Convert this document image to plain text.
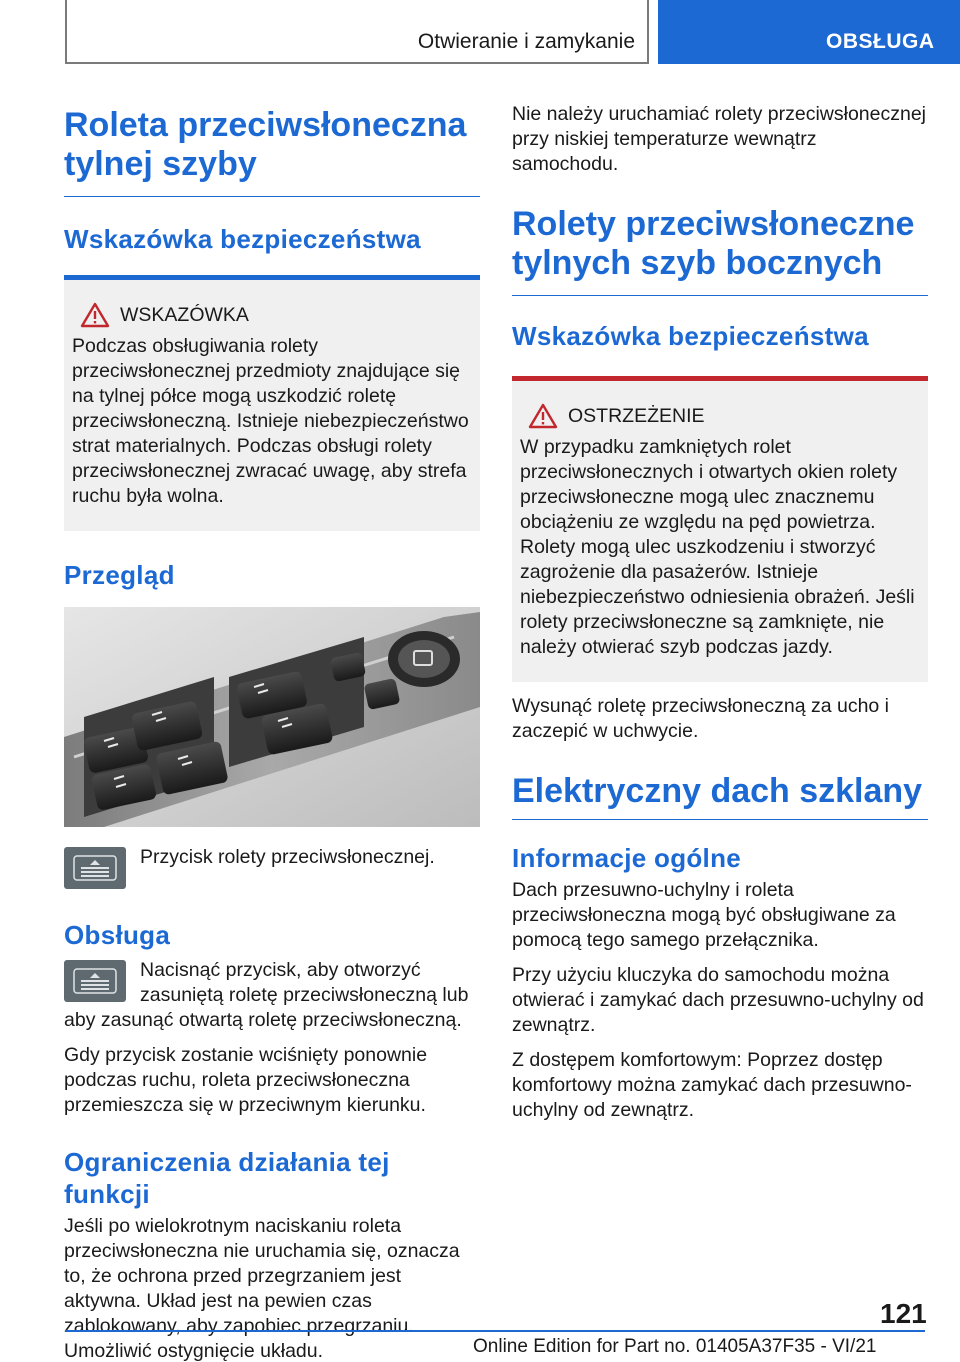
Otwieranie i zamykanie	OBSŁUGA
Roleta przeciwsłoneczna tylnej szyby
Wskazówka bezpieczeństwa
WSKAZÓWKA

Podczas obsługiwania rolety przeciwsłonecznej przedmioty znajdujące się na tylnej półce mogą uszkodzić roletę przeciwsłoneczną. Istnieje niebezpieczeństwo strat materialnych. Podczas obsługi rolety przeciwsłonecznej zwracać uwagę, aby strefa ruchu była wolna.

Przegląd

Przycisk rolety przeciwsłonecznej.

Obsługa

Nacisnąć przycisk, aby otworzyć zasuniętą roletę przeciwsłoneczną lub aby zasunąć otwartą roletę przeciwsłoneczną.

Gdy przycisk zostanie wciśnięty ponownie podczas ruchu, roleta przeciwsłoneczna przemieszcza się w przeciwnym kierunku.

Ograniczenia działania tej funkcji

Jeśli po wielokrotnym naciskaniu roleta przeciwsłoneczna nie uruchamia się, oznacza to, że ochrona przed przegrzaniem jest aktywna. Układ jest na pewien czas zablokowany, aby zapobiec przegrzaniu. Umożliwić ostygnięcie układu.

Nie należy uruchamiać rolety przeciwsłonecznej przy niskiej temperaturze wewnątrz samochodu.

Rolety przeciwsłoneczne tylnych szyb bocznych
Wskazówka bezpieczeństwa
OSTRZEŻENIE

W przypadku zamkniętych rolet przeciwsłonecznych i otwartych okien rolety przeciwsłoneczne mogą ulec znacznemu obciążeniu ze względu na pęd powietrza. Rolety mogą ulec uszkodzeniu i stworzyć zagrożenie dla pasażerów. Istnieje niebezpieczeństwo odniesienia obrażeń. Jeśli rolety przeciwsłoneczne są zamknięte, nie należy otwierać szyb podczas jazdy.

Wysunąć roletę przeciwsłoneczną za ucho i zaczepić w uchwycie.

Elektryczny dach szklany
Informacje ogólne

Dach przesuwno-uchylny i roleta przeciwsłoneczna mogą być obsługiwane za pomocą tego samego przełącznika.

Przy użyciu kluczyka do samochodu można otwierać i zamykać dach przesuwno-uchylny od zewnątrz.

Z dostępem komfortowym: Poprzez dostęp komfortowy można zamykać dach przesuwno-uchylny od zewnątrz.

121
Online Edition for Part no. 01405A37F35 - VI/21
